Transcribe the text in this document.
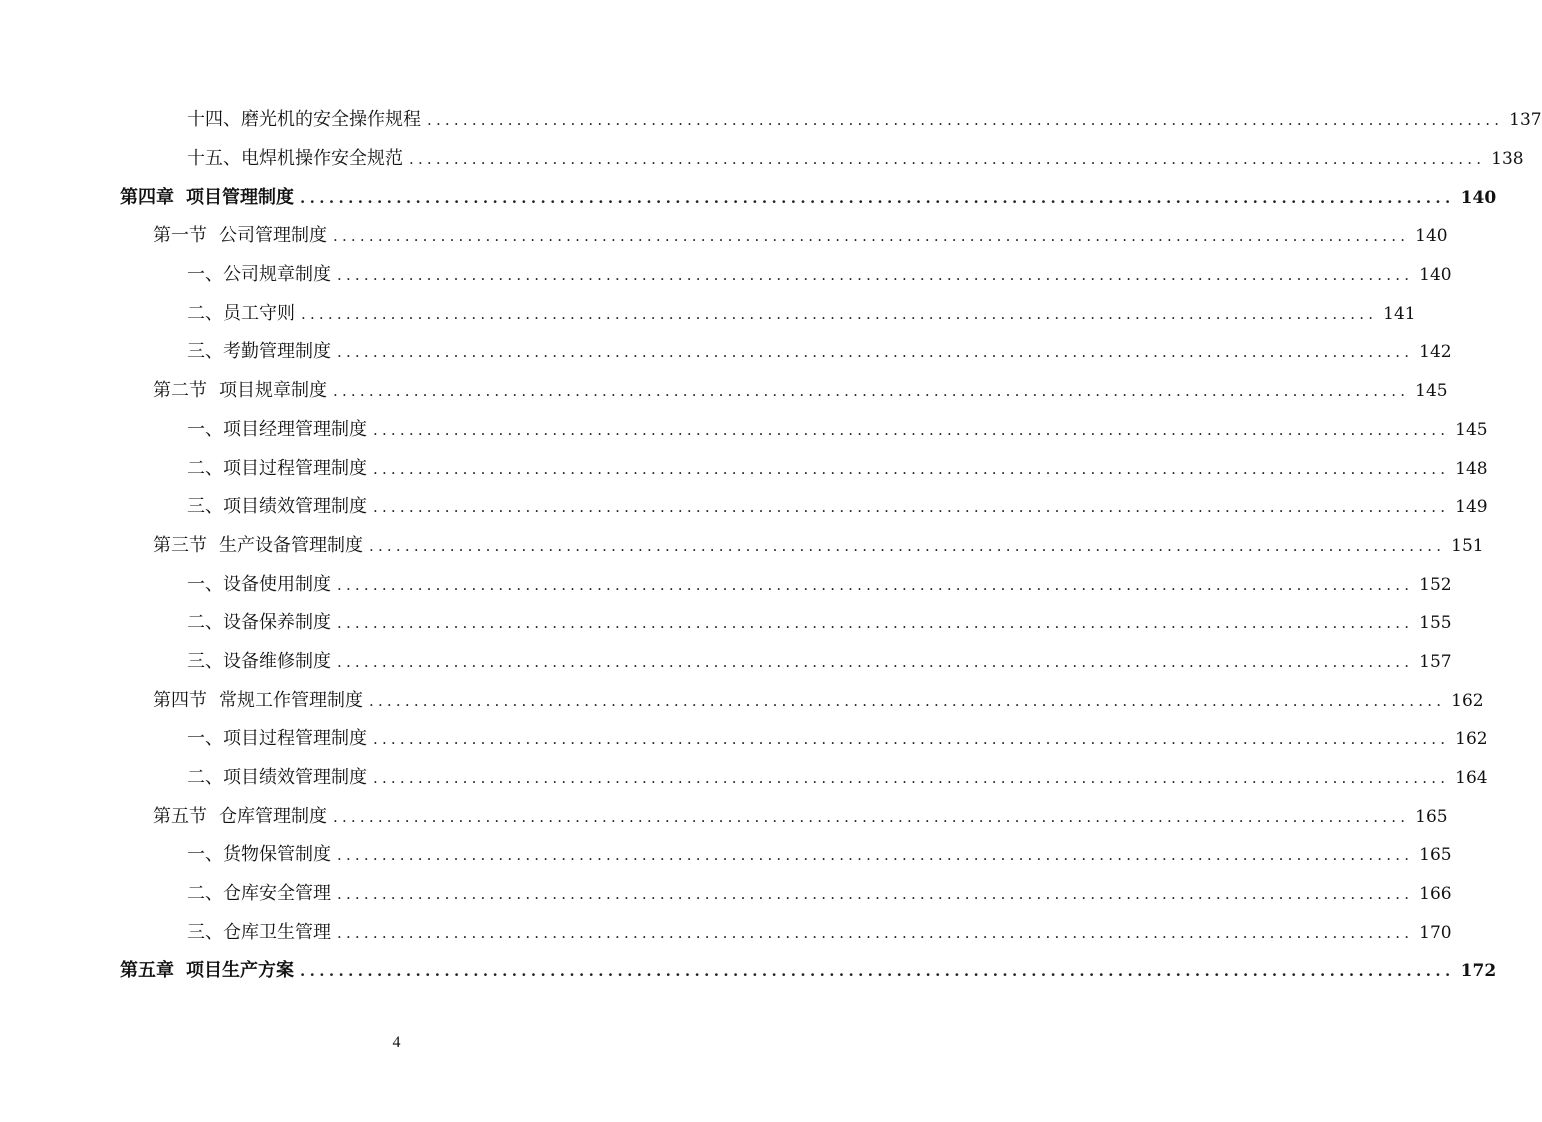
十四、磨光机的安全操作规程 ........................................................................................................................ 137
十五、电焊机操作安全规范 ........................................................................................................................ 138
第四章 项目管理制度 ........................................................................................................................ 140
第一节 公司管理制度 ........................................................................................................................ 140
一、公司规章制度 ........................................................................................................................ 140
二、员工守则 ........................................................................................................................ 141
三、考勤管理制度 ........................................................................................................................ 142
第二节 项目规章制度 ........................................................................................................................ 145
一、项目经理管理制度 ........................................................................................................................ 145
二、项目过程管理制度 ........................................................................................................................ 148
三、项目绩效管理制度 ........................................................................................................................ 149
第三节 生产设备管理制度 ........................................................................................................................ 151
一、设备使用制度 ........................................................................................................................ 152
二、设备保养制度 ........................................................................................................................ 155
三、设备维修制度 ........................................................................................................................ 157
第四节 常规工作管理制度 ........................................................................................................................ 162
一、项目过程管理制度 ........................................................................................................................ 162
二、项目绩效管理制度 ........................................................................................................................ 164
第五节 仓库管理制度 ........................................................................................................................ 165
一、货物保管制度 ........................................................................................................................ 165
二、仓库安全管理 ........................................................................................................................ 166
三、仓库卫生管理 ........................................................................................................................ 170
第五章 项目生产方案 ........................................................................................................................ 172
4
